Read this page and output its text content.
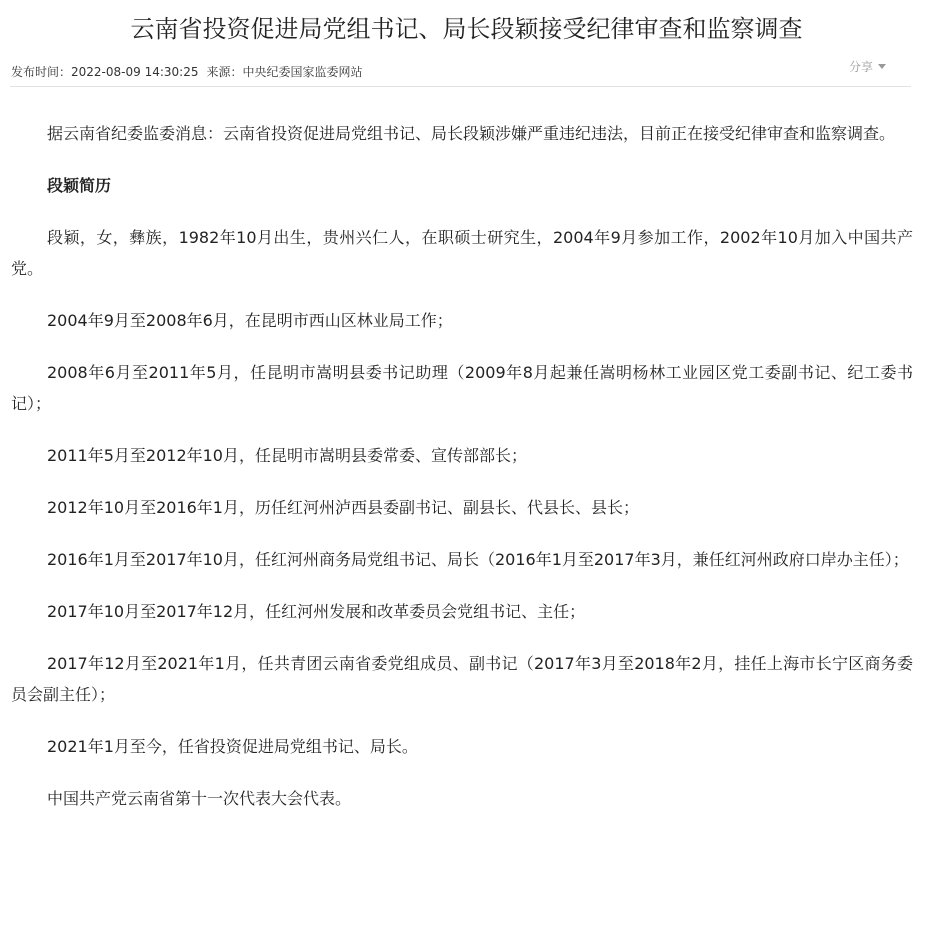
云南省投资促进局党组书记、局长段颖接受纪律审查和监察调查
发布时间：2022-08-09 14:30:25 来源：中央纪委国家监委网站	分享

据云南省纪委监委消息：云南省投资促进局党组书记、局长段颖涉嫌严重违纪违法，目前正在接受纪律审查和监察调查。

段颖简历

段颖，女，彝族，1982年10月出生，贵州兴仁人，在职硕士研究生，2004年9月参加工作，2002年10月加入中国共产党。

2004年9月至2008年6月，在昆明市西山区林业局工作；

2008年6月至2011年5月，任昆明市嵩明县委书记助理（2009年8月起兼任嵩明杨林工业园区党工委副书记、纪工委书记）；

2011年5月至2012年10月，任昆明市嵩明县委常委、宣传部部长；

2012年10月至2016年1月，历任红河州泸西县委副书记、副县长、代县长、县长；

2016年1月至2017年10月，任红河州商务局党组书记、局长（2016年1月至2017年3月，兼任红河州政府口岸办主任）；

2017年10月至2017年12月，任红河州发展和改革委员会党组书记、主任；

2017年12月至2021年1月，任共青团云南省委党组成员、副书记（2017年3月至2018年2月，挂任上海市长宁区商务委员会副主任）；

2021年1月至今，任省投资促进局党组书记、局长。

中国共产党云南省第十一次代表大会代表。
